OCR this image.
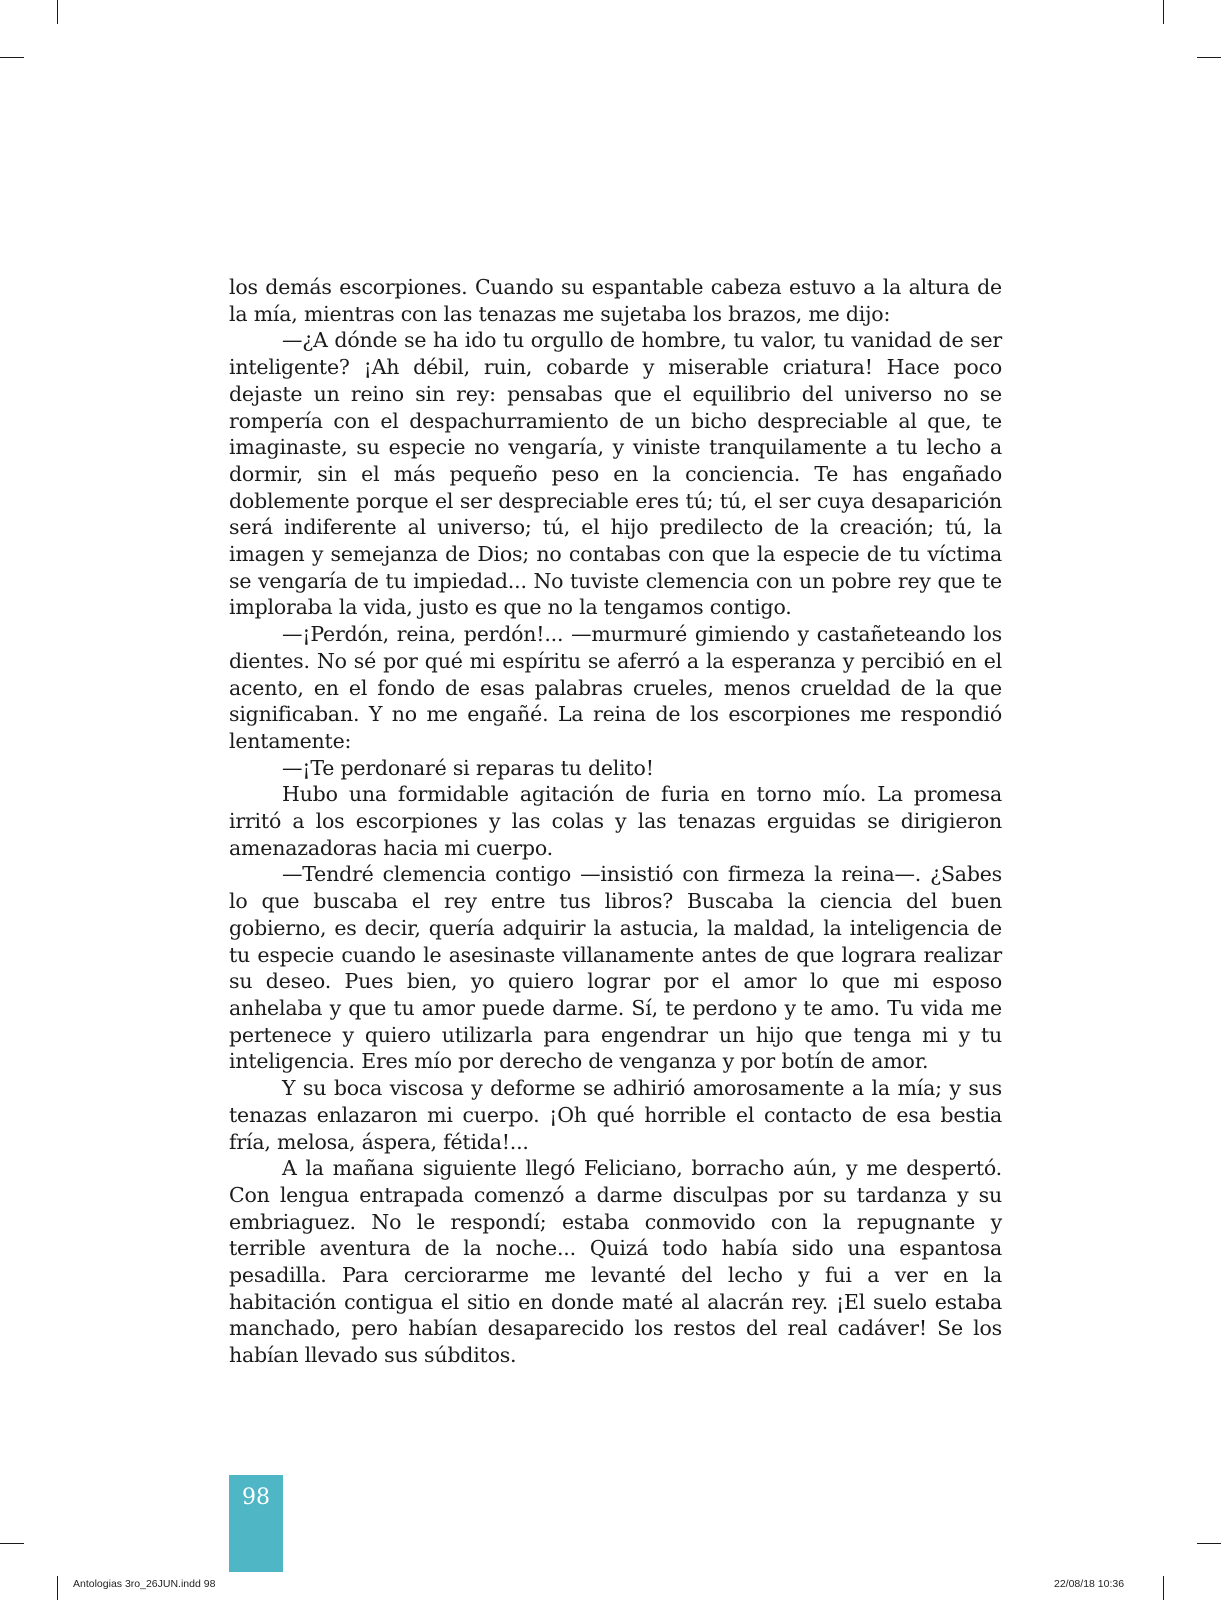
los demás escorpiones. Cuando su espantable cabeza estuvo a la altura de la mía, mientras con las tenazas me sujetaba los brazos, me dijo:

—¿A dónde se ha ido tu orgullo de hombre, tu valor, tu vanidad de ser inteligente? ¡Ah débil, ruin, cobarde y miserable criatura! Hace poco dejaste un reino sin rey: pensabas que el equilibrio del universo no se rompería con el despachurramiento de un bicho despreciable al que, te imaginaste, su especie no vengaría, y viniste tranquilamente a tu lecho a dormir, sin el más pequeño peso en la conciencia. Te has engañado doblemente porque el ser despreciable eres tú; tú, el ser cuya desaparición será indiferente al universo; tú, el hijo predilecto de la creación; tú, la imagen y semejanza de Dios; no contabas con que la especie de tu víctima se vengaría de tu impiedad... No tuviste clemencia con un pobre rey que te imploraba la vida, justo es que no la tengamos contigo.

—¡Perdón, reina, perdón!... —murmuré gimiendo y castañeteando los dientes. No sé por qué mi espíritu se aferró a la esperanza y percibió en el acento, en el fondo de esas palabras crueles, menos crueldad de la que significaban. Y no me engañé. La reina de los escorpiones me respondió lentamente:

—¡Te perdonaré si reparas tu delito!

Hubo una formidable agitación de furia en torno mío. La promesa irritó a los escorpiones y las colas y las tenazas erguidas se dirigieron amenazadoras hacia mi cuerpo.

—Tendré clemencia contigo —insistió con firmeza la reina—. ¿Sabes lo que buscaba el rey entre tus libros? Buscaba la ciencia del buen gobierno, es decir, quería adquirir la astucia, la maldad, la inteligencia de tu especie cuando le asesinaste villanamente antes de que lograra realizar su deseo. Pues bien, yo quiero lograr por el amor lo que mi esposo anhelaba y que tu amor puede darme. Sí, te perdono y te amo. Tu vida me pertenece y quiero utilizarla para engendrar un hijo que tenga mi y tu inteligencia. Eres mío por derecho de venganza y por botín de amor.

Y su boca viscosa y deforme se adhirió amorosamente a la mía; y sus tenazas enlazaron mi cuerpo. ¡Oh qué horrible el contacto de esa bestia fría, melosa, áspera, fétida!...

A la mañana siguiente llegó Feliciano, borracho aún, y me despertó. Con lengua entrapada comenzó a darme disculpas por su tardanza y su embriaguez. No le respondí; estaba conmovido con la repugnante y terrible aventura de la noche... Quizá todo había sido una espantosa pesadilla. Para cerciorarme me levanté del lecho y fui a ver en la habitación contigua el sitio en donde maté al alacrán rey. ¡El suelo estaba manchado, pero habían desaparecido los restos del real cadáver! Se los habían llevado sus súbditos.

98
Antologias 3ro_26JUN.indd 98	22/08/18 10:36
